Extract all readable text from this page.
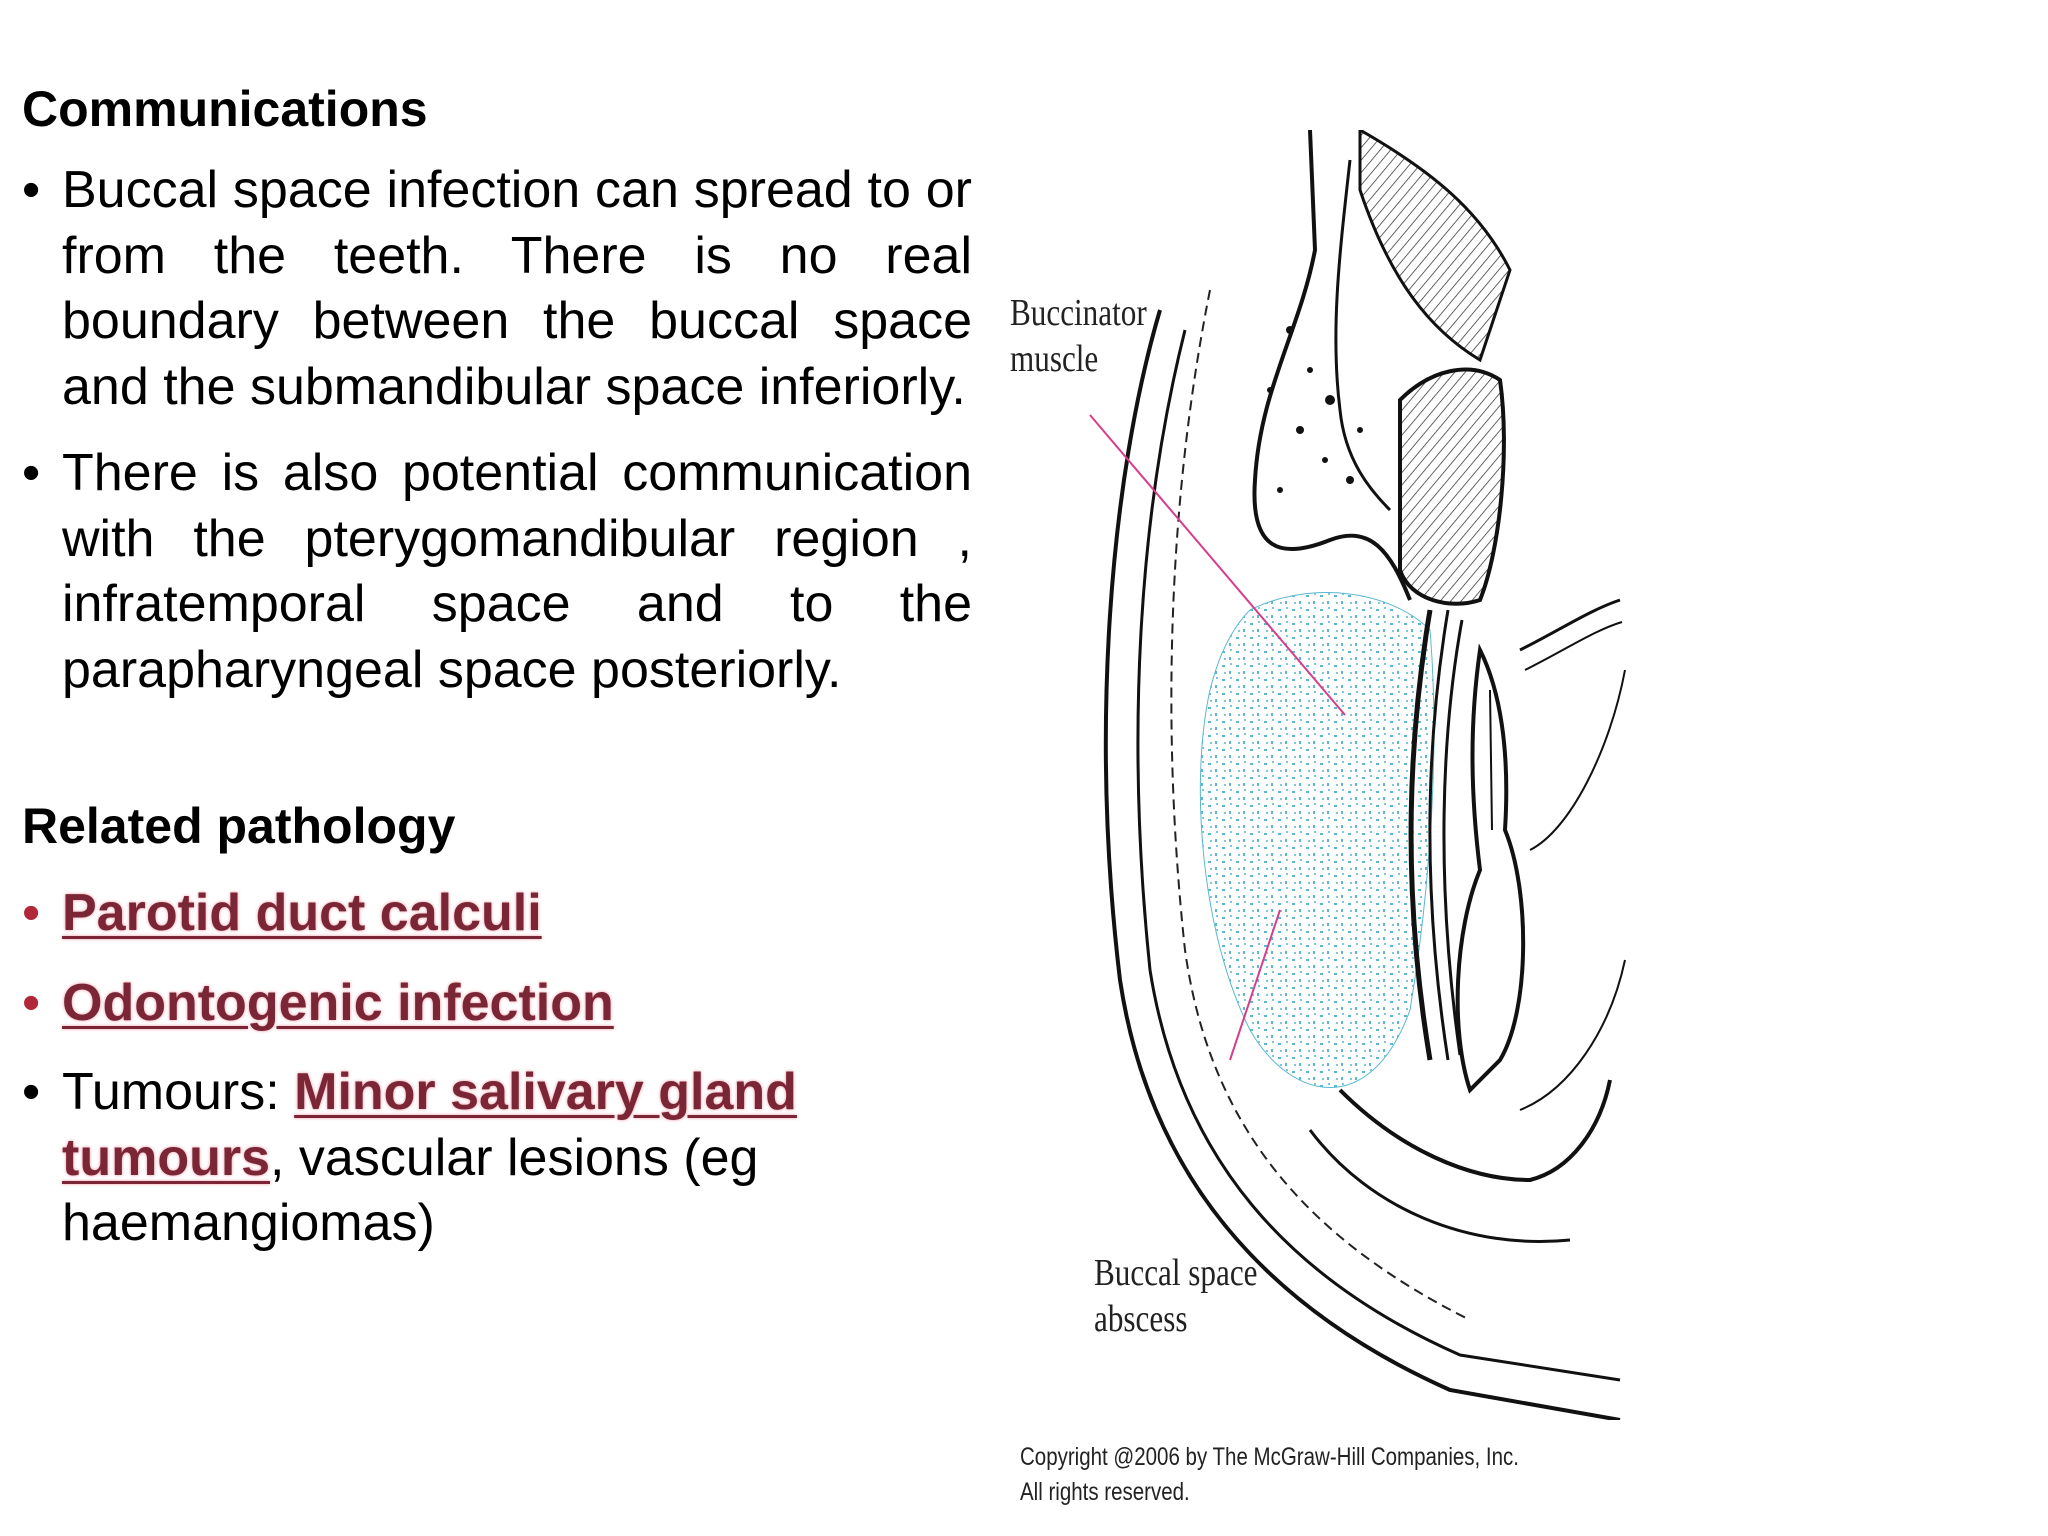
Communications
• Buccal space infection can spread to or from the teeth. There is no real boundary between the buccal space and the submandibular space inferiorly.
• There is also potential communication with the pterygomandibular region , infratemporal space and to the parapharyngeal space posteriorly.
Related pathology
• Parotid duct calculi
• Odontogenic infection
• Tumours: Minor salivary gland tumours, vascular lesions (eg haemangiomas)
Buccinator
muscle
Buccal space
abscess
Copyright @2006 by The McGraw-Hill Companies, Inc.
All rights reserved.
